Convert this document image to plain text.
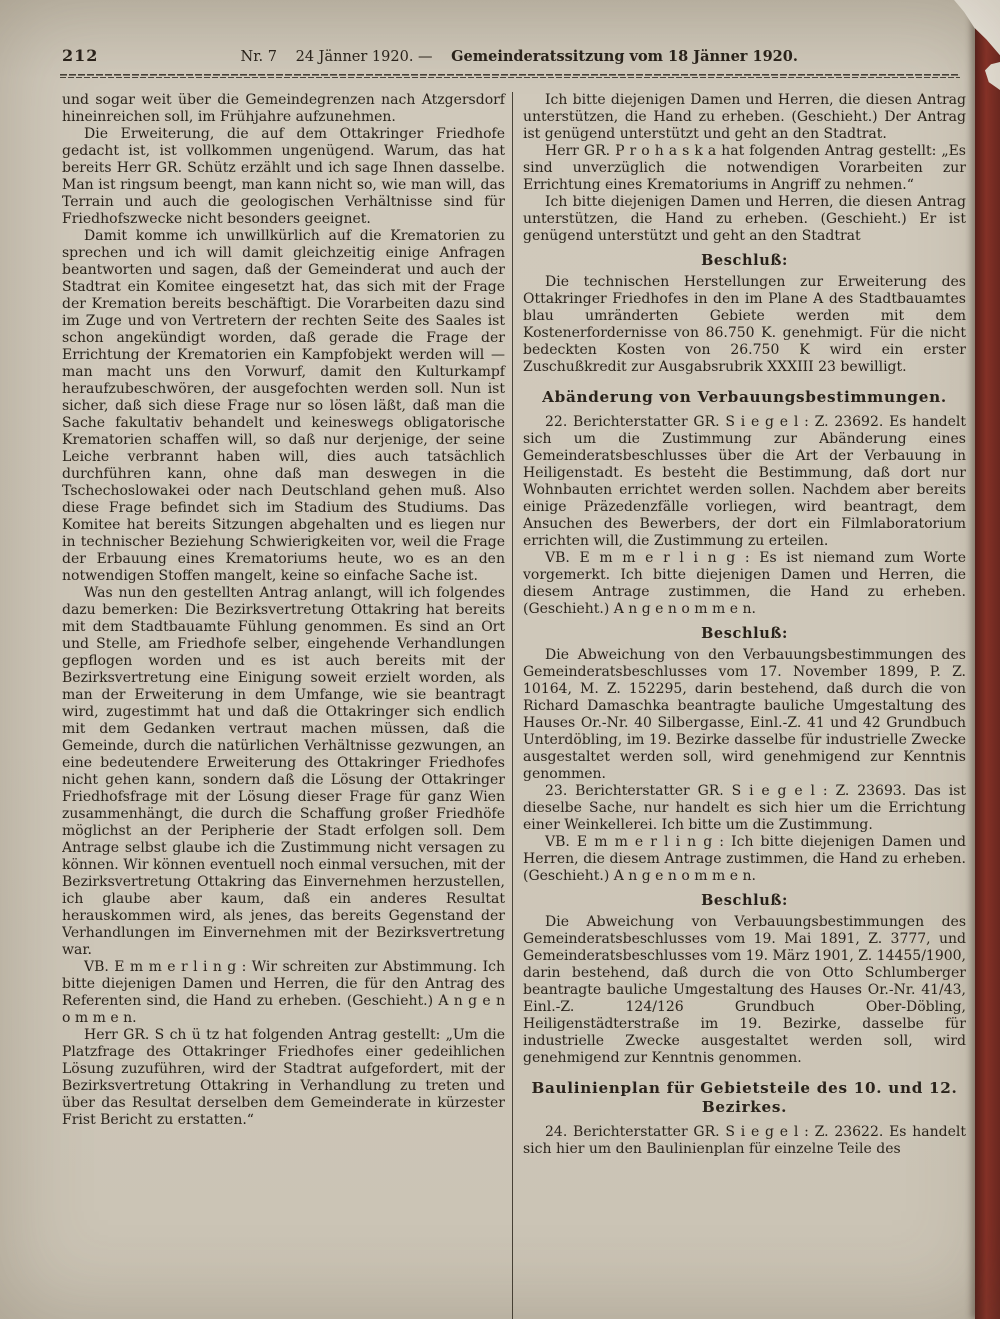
212	Nr. 7 24 Jänner 1920. — Gemeinderatssitzung vom 18 Jänner 1920.

und sogar weit über die Gemeindegrenzen nach Atzgersdorf hineinreichen soll, im Frühjahre aufzunehmen.

Die Erweiterung, die auf dem Ottakringer Friedhofe gedacht ist, ist vollkommen ungenügend. Warum, das hat bereits Herr GR. Schütz erzählt und ich sage Ihnen dasselbe. Man ist ringsum beengt, man kann nicht so, wie man will, das Terrain und auch die geologischen Verhältnisse sind für Friedhofszwecke nicht besonders geeignet.

Damit komme ich unwillkürlich auf die Krematorien zu sprechen und ich will damit gleichzeitig einige Anfragen beantworten und sagen, daß der Gemeinderat und auch der Stadtrat ein Komitee eingesetzt hat, das sich mit der Frage der Kremation bereits beschäftigt. Die Vorarbeiten dazu sind im Zuge und von Vertretern der rechten Seite des Saales ist schon angekündigt worden, daß gerade die Frage der Errichtung der Krematorien ein Kampfobjekt werden will — man macht uns den Vorwurf, damit den Kulturkampf heraufzubeschwören, der ausgefochten werden soll. Nun ist sicher, daß sich diese Frage nur so lösen läßt, daß man die Sache fakultativ behandelt und keineswegs obligatorische Krematorien schaffen will, so daß nur derjenige, der seine Leiche verbrannt haben will, dies auch tatsächlich durchführen kann, ohne daß man deswegen in die Tschechoslowakei oder nach Deutschland gehen muß. Also diese Frage befindet sich im Stadium des Studiums. Das Komitee hat bereits Sitzungen abgehalten und es liegen nur in technischer Beziehung Schwierigkeiten vor, weil die Frage der Erbauung eines Krematoriums heute, wo es an den notwendigen Stoffen mangelt, keine so einfache Sache ist.

Was nun den gestellten Antrag anlangt, will ich folgendes dazu bemerken: Die Bezirksvertretung Ottakring hat bereits mit dem Stadtbauamte Fühlung genommen. Es sind an Ort und Stelle, am Friedhofe selber, eingehende Verhandlungen gepflogen worden und es ist auch bereits mit der Bezirksvertretung eine Einigung soweit erzielt worden, als man der Erweiterung in dem Umfange, wie sie beantragt wird, zugestimmt hat und daß die Ottakringer sich endlich mit dem Gedanken vertraut machen müssen, daß die Gemeinde, durch die natürlichen Verhältnisse gezwungen, an eine bedeutendere Erweiterung des Ottakringer Friedhofes nicht gehen kann, sondern daß die Lösung der Ottakringer Friedhofsfrage mit der Lösung dieser Frage für ganz Wien zusammenhängt, die durch die Schaffung großer Friedhöfe möglichst an der Peripherie der Stadt erfolgen soll. Dem Antrage selbst glaube ich die Zustimmung nicht versagen zu können. Wir können eventuell noch einmal versuchen, mit der Bezirksvertretung Ottakring das Einvernehmen herzustellen, ich glaube aber kaum, daß ein anderes Resultat herauskommen wird, als jenes, das bereits Gegenstand der Verhandlungen im Einvernehmen mit der Bezirksvertretung war.

VB. E m m e r l i n g : Wir schreiten zur Abstimmung. Ich bitte diejenigen Damen und Herren, die für den Antrag des Referenten sind, die Hand zu erheben. (Geschieht.) A n g e n o m m e n.

Herr GR. S ch ü tz hat folgenden Antrag gestellt: „Um die Platzfrage des Ottakringer Friedhofes einer gedeihlichen Lösung zuzuführen, wird der Stadtrat aufgefordert, mit der Bezirksvertretung Ottakring in Verhandlung zu treten und über das Resultat derselben dem Gemeinderate in kürzester Frist Bericht zu erstatten.“

Ich bitte diejenigen Damen und Herren, die diesen Antrag unterstützen, die Hand zu erheben. (Geschieht.) Der Antrag ist genügend unterstützt und geht an den Stadtrat.

Herr GR. P r o h a s k a hat folgenden Antrag gestellt: „Es sind unverzüglich die notwendigen Vorarbeiten zur Errichtung eines Krematoriums in Angriff zu nehmen.“

Ich bitte diejenigen Damen und Herren, die diesen Antrag unterstützen, die Hand zu erheben. (Geschieht.) Er ist genügend unterstützt und geht an den Stadtrat

Beschluß:

Die technischen Herstellungen zur Erweiterung des Ottakringer Friedhofes in den im Plane A des Stadtbauamtes blau umränderten Gebiete werden mit dem Kostenerfordernisse von 86.750 K. genehmigt. Für die nicht bedeckten Kosten von 26.750 K wird ein erster Zuschußkredit zur Ausgabsrubrik XXXIII 23 bewilligt.

Abänderung von Verbauungsbestimmungen.

22. Berichterstatter GR. S i e g e l : Z. 23692. Es handelt sich um die Zustimmung zur Abänderung eines Gemeinderatsbeschlusses über die Art der Verbauung in Heiligenstadt. Es besteht die Bestimmung, daß dort nur Wohnbauten errichtet werden sollen. Nachdem aber bereits einige Präzedenzfälle vorliegen, wird beantragt, dem Ansuchen des Bewerbers, der dort ein Filmlaboratorium errichten will, die Zustimmung zu erteilen.

VB. E m m e r l i n g : Es ist niemand zum Worte vorgemerkt. Ich bitte diejenigen Damen und Herren, die diesem Antrage zustimmen, die Hand zu erheben. (Geschieht.) A n g e n o m m e n.

Beschluß:

Die Abweichung von den Verbauungsbestimmungen des Gemeinderatsbeschlusses vom 17. November 1899, P. Z. 10164, M. Z. 152295, darin bestehend, daß durch die von Richard Damaschka beantragte bauliche Umgestaltung des Hauses Or.-Nr. 40 Silbergasse, Einl.-Z. 41 und 42 Grundbuch Unterdöbling, im 19. Bezirke dasselbe für industrielle Zwecke ausgestaltet werden soll, wird genehmigend zur Kenntnis genommen.

23. Berichterstatter GR. S i e g e l : Z. 23693. Das ist dieselbe Sache, nur handelt es sich hier um die Errichtung einer Weinkellerei. Ich bitte um die Zustimmung.

VB. E m m e r l i n g : Ich bitte diejenigen Damen und Herren, die diesem Antrage zustimmen, die Hand zu erheben. (Geschieht.) A n g e n o m m e n.

Beschluß:

Die Abweichung von Verbauungsbestimmungen des Gemeinderatsbeschlusses vom 19. Mai 1891, Z. 3777, und Gemeinderatsbeschlusses vom 19. März 1901, Z. 14455/1900, darin bestehend, daß durch die von Otto Schlumberger beantragte bauliche Umgestaltung des Hauses Or.-Nr. 41/43, Einl.-Z. 124/126 Grundbuch Ober-Döbling, Heiligenstädterstraße im 19. Bezirke, dasselbe für industrielle Zwecke ausgestaltet werden soll, wird genehmigend zur Kenntnis genommen.

Baulinienplan für Gebietsteile des 10. und 12. Bezirkes.

24. Berichterstatter GR. S i e g e l : Z. 23622. Es handelt sich hier um den Baulinienplan für einzelne Teile des
